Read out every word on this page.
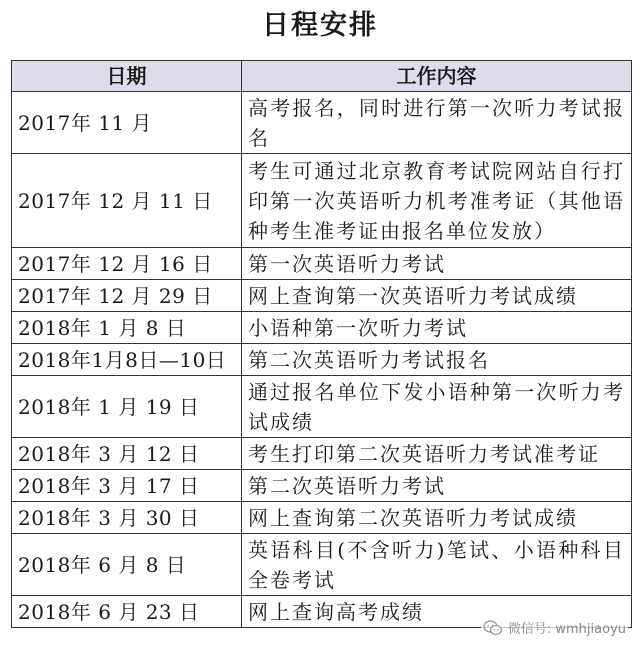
日程安排
日期	工作内容
2017年 11 月	高考报名，同时进行第一次听力考试报名
2017年 12 月 11 日	考生可通过北京教育考试院网站自行打印第一次英语听力机考准考证（其他语种考生准考证由报名单位发放）
2017年 12 月 16 日	第一次英语听力考试
2017年 12 月 29 日	网上查询第一次英语听力考试成绩
2018年 1 月 8 日	小语种第一次听力考试
2018年1月8日—10日	第二次英语听力考试报名
2018年 1 月 19 日	通过报名单位下发小语种第一次听力考试成绩
2018年 3 月 12 日	考生打印第二次英语听力考试准考证
2018年 3 月 17 日	第二次英语听力考试
2018年 3 月 30 日	网上查询第二次英语听力考试成绩
2018年 6 月 8 日	英语科目(不含听力)笔试、小语种科目全卷考试
2018年 6 月 23 日	网上查询高考成绩
微信号: wmhjiaoyu
